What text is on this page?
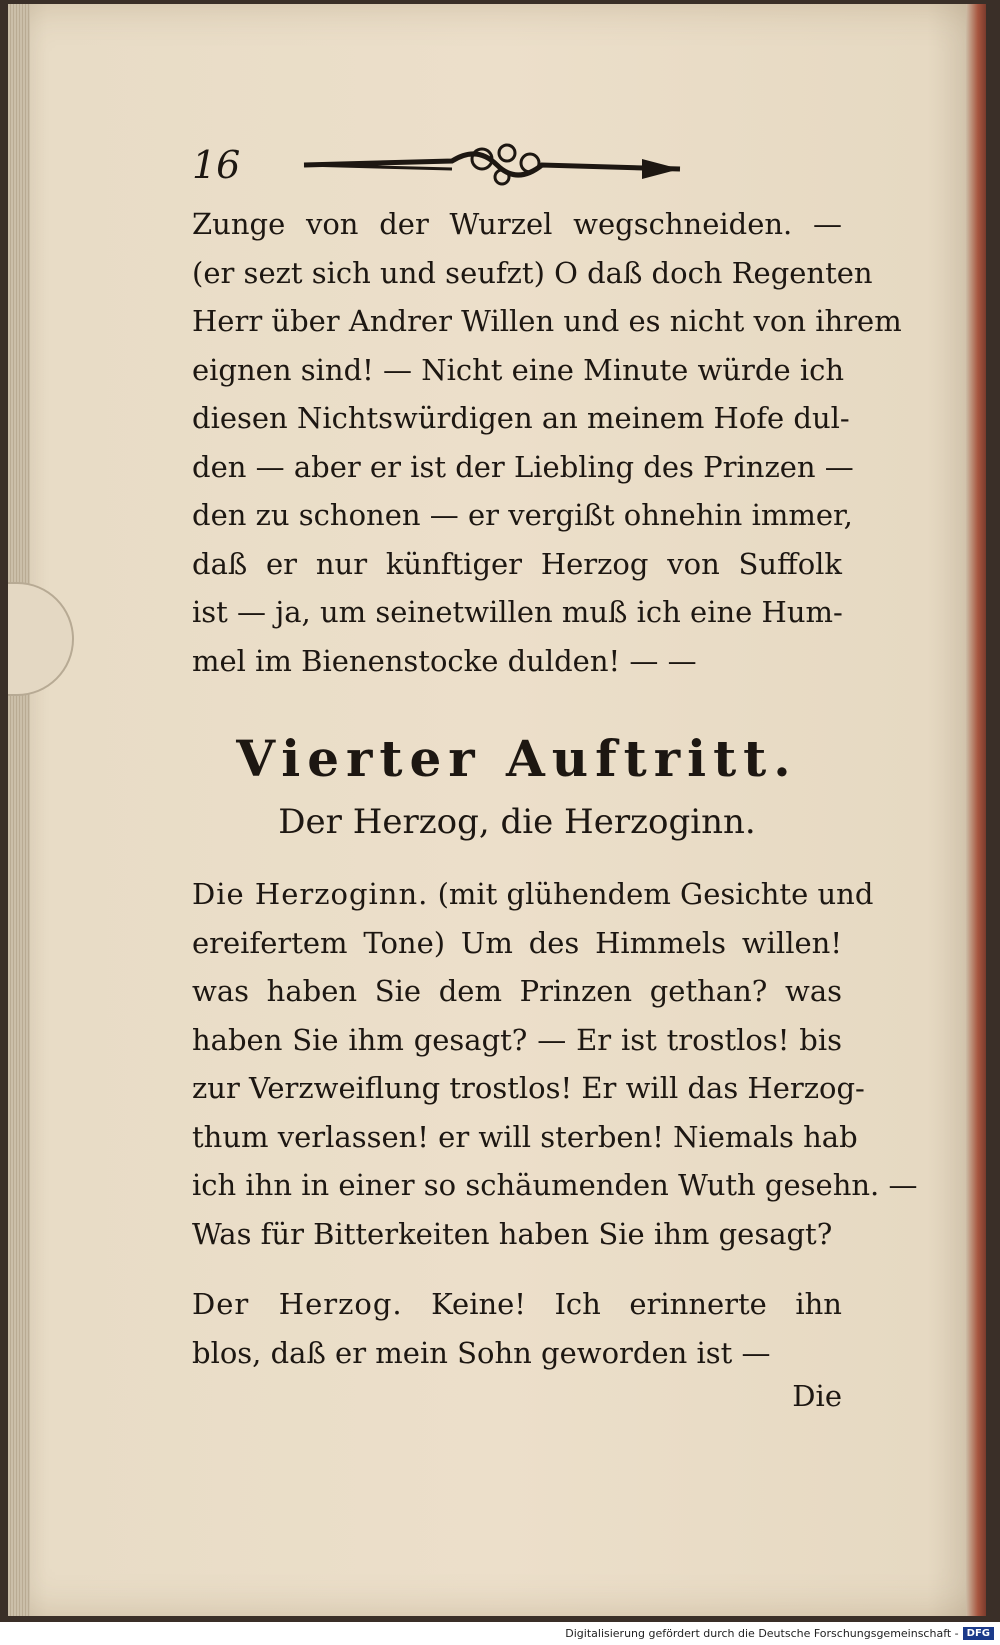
16

Zunge von der Wurzel wegschneiden. —
(er sezt sich und seufzt) O daß doch Regenten
Herr über Andrer Willen und es nicht von ihrem
eignen sind! — Nicht eine Minute würde ich
diesen Nichtswürdigen an meinem Hofe dul-
den — aber er ist der Liebling des Prinzen —
den zu schonen — er vergißt ohnehin immer,
daß er nur künftiger Herzog von Suffolk
ist — ja, um seinetwillen muß ich eine Hum-
mel im Bienenstocke dulden! — —

Vierter Auftritt.
Der Herzog, die Herzoginn.

Die Herzoginn. (mit glühendem Gesichte und
ereifertem Tone) Um des Himmels willen!
was haben Sie dem Prinzen gethan? was
haben Sie ihm gesagt? — Er ist trostlos! bis
zur Verzweiflung trostlos! Er will das Herzog-
thum verlassen! er will sterben! Niemals hab
ich ihn in einer so schäumenden Wuth gesehn. —
Was für Bitterkeiten haben Sie ihm gesagt?

Der Herzog. Keine! Ich erinnerte ihn
blos, daß er mein Sohn geworden ist —

Die
Digitalisierung gefördert durch die Deutsche Forschungsgemeinschaft - DFG
